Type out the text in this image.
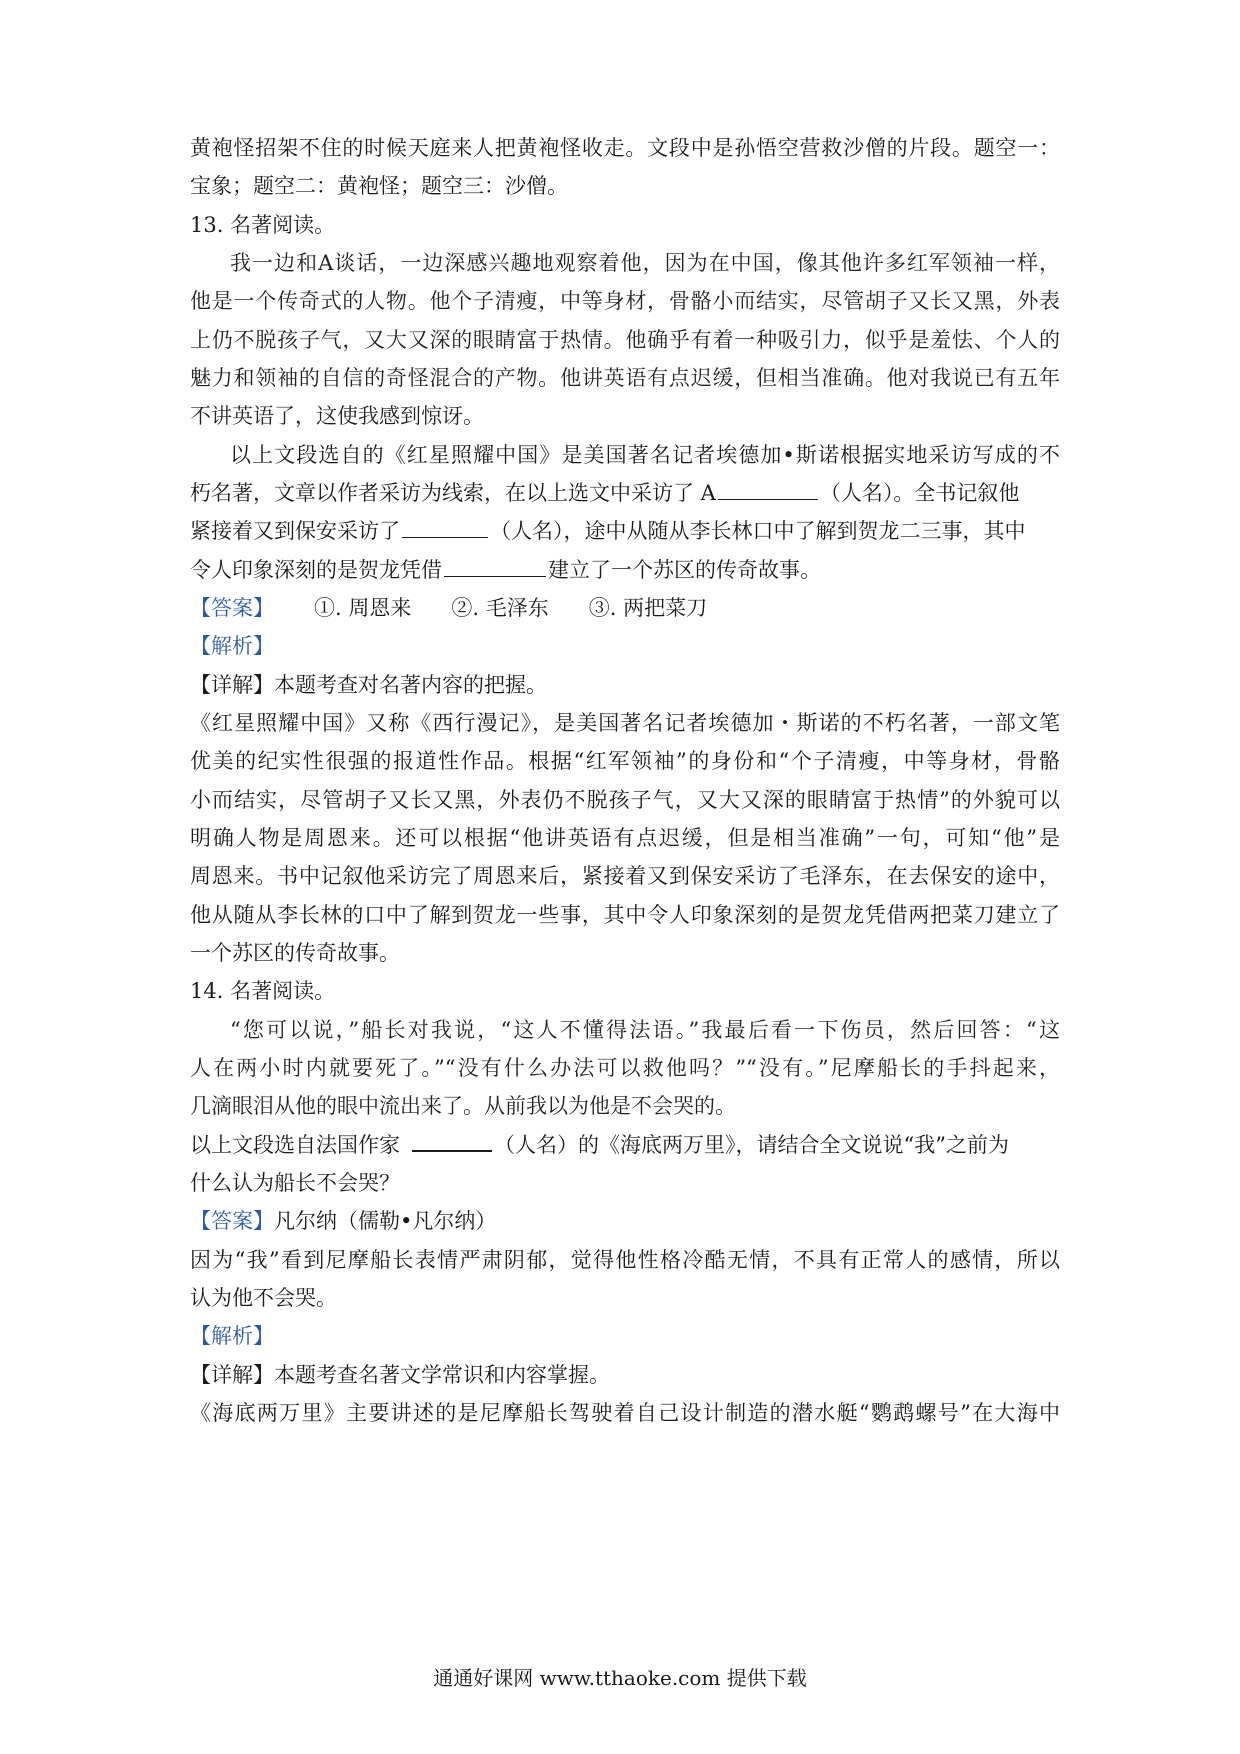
黄袍怪招架不住的时候天庭来人把黄袍怪收走。文段中是孙悟空营救沙僧的片段。题空一：
宝象；题空二：黄袍怪；题空三：沙僧。
13. 名著阅读。
我一边和A谈话，一边深感兴趣地观察着他，因为在中国，像其他许多红军领袖一样，
他是一个传奇式的人物。他个子清瘦，中等身材，骨骼小而结实，尽管胡子又长又黑，外表
上仍不脱孩子气，又大又深的眼睛富于热情。他确乎有着一种吸引力，似乎是羞怯、个人的
魅力和领袖的自信的奇怪混合的产物。他讲英语有点迟缓，但相当准确。他对我说已有五年
不讲英语了，这使我感到惊讶。
以上文段选自的《红星照耀中国》是美国著名记者埃德加•斯诺根据实地采访写成的不
朽名著，文章以作者采访为线索，在以上选文中采访了 A	（人名）。全书记叙他
紧接着又到保安采访了	（人名），途中从随从李长林口中了解到贺龙二三事，其中
令人印象深刻的是贺龙凭借	建立了一个苏区的传奇故事。
【答案】 ①. 周恩来 ②. 毛泽东 ③. 两把菜刀
【解析】
【详解】本题考查对名著内容的把握。
《红星照耀中国》又称《西行漫记》，是美国著名记者埃德加・斯诺的不朽名著，一部文笔
优美的纪实性很强的报道性作品。根据“红军领袖”的身份和“个子清瘦，中等身材，骨骼
小而结实，尽管胡子又长又黑，外表仍不脱孩子气，又大又深的眼睛富于热情”的外貌可以
明确人物是周恩来。还可以根据“他讲英语有点迟缓，但是相当准确”一句，可知“他”是
周恩来。书中记叙他采访完了周恩来后，紧接着又到保安采访了毛泽东，在去保安的途中，
他从随从李长林的口中了解到贺龙一些事，其中令人印象深刻的是贺龙凭借两把菜刀建立了
一个苏区的传奇故事。
14. 名著阅读。
“您可以说，”船长对我说，“这人不懂得法语。”我最后看一下伤员，然后回答：“这
人在两小时内就要死了。”“没有什么办法可以救他吗？”“没有。”尼摩船长的手抖起来，
几滴眼泪从他的眼中流出来了。从前我以为他是不会哭的。
以上文段选自法国作家	（人名）的《海底两万里》，请结合全文说说“我”之前为
什么认为船长不会哭？
【答案】凡尔纳（儒勒•凡尔纳）
因为“我”看到尼摩船长表情严肃阴郁，觉得他性格冷酷无情，不具有正常人的感情，所以
认为他不会哭。
【解析】
【详解】本题考查名著文学常识和内容掌握。
《海底两万里》主要讲述的是尼摩船长驾驶着自己设计制造的潜水艇“鹦鹉螺号”在大海中
通通好课网 www.tthaoke.com 提供下载
